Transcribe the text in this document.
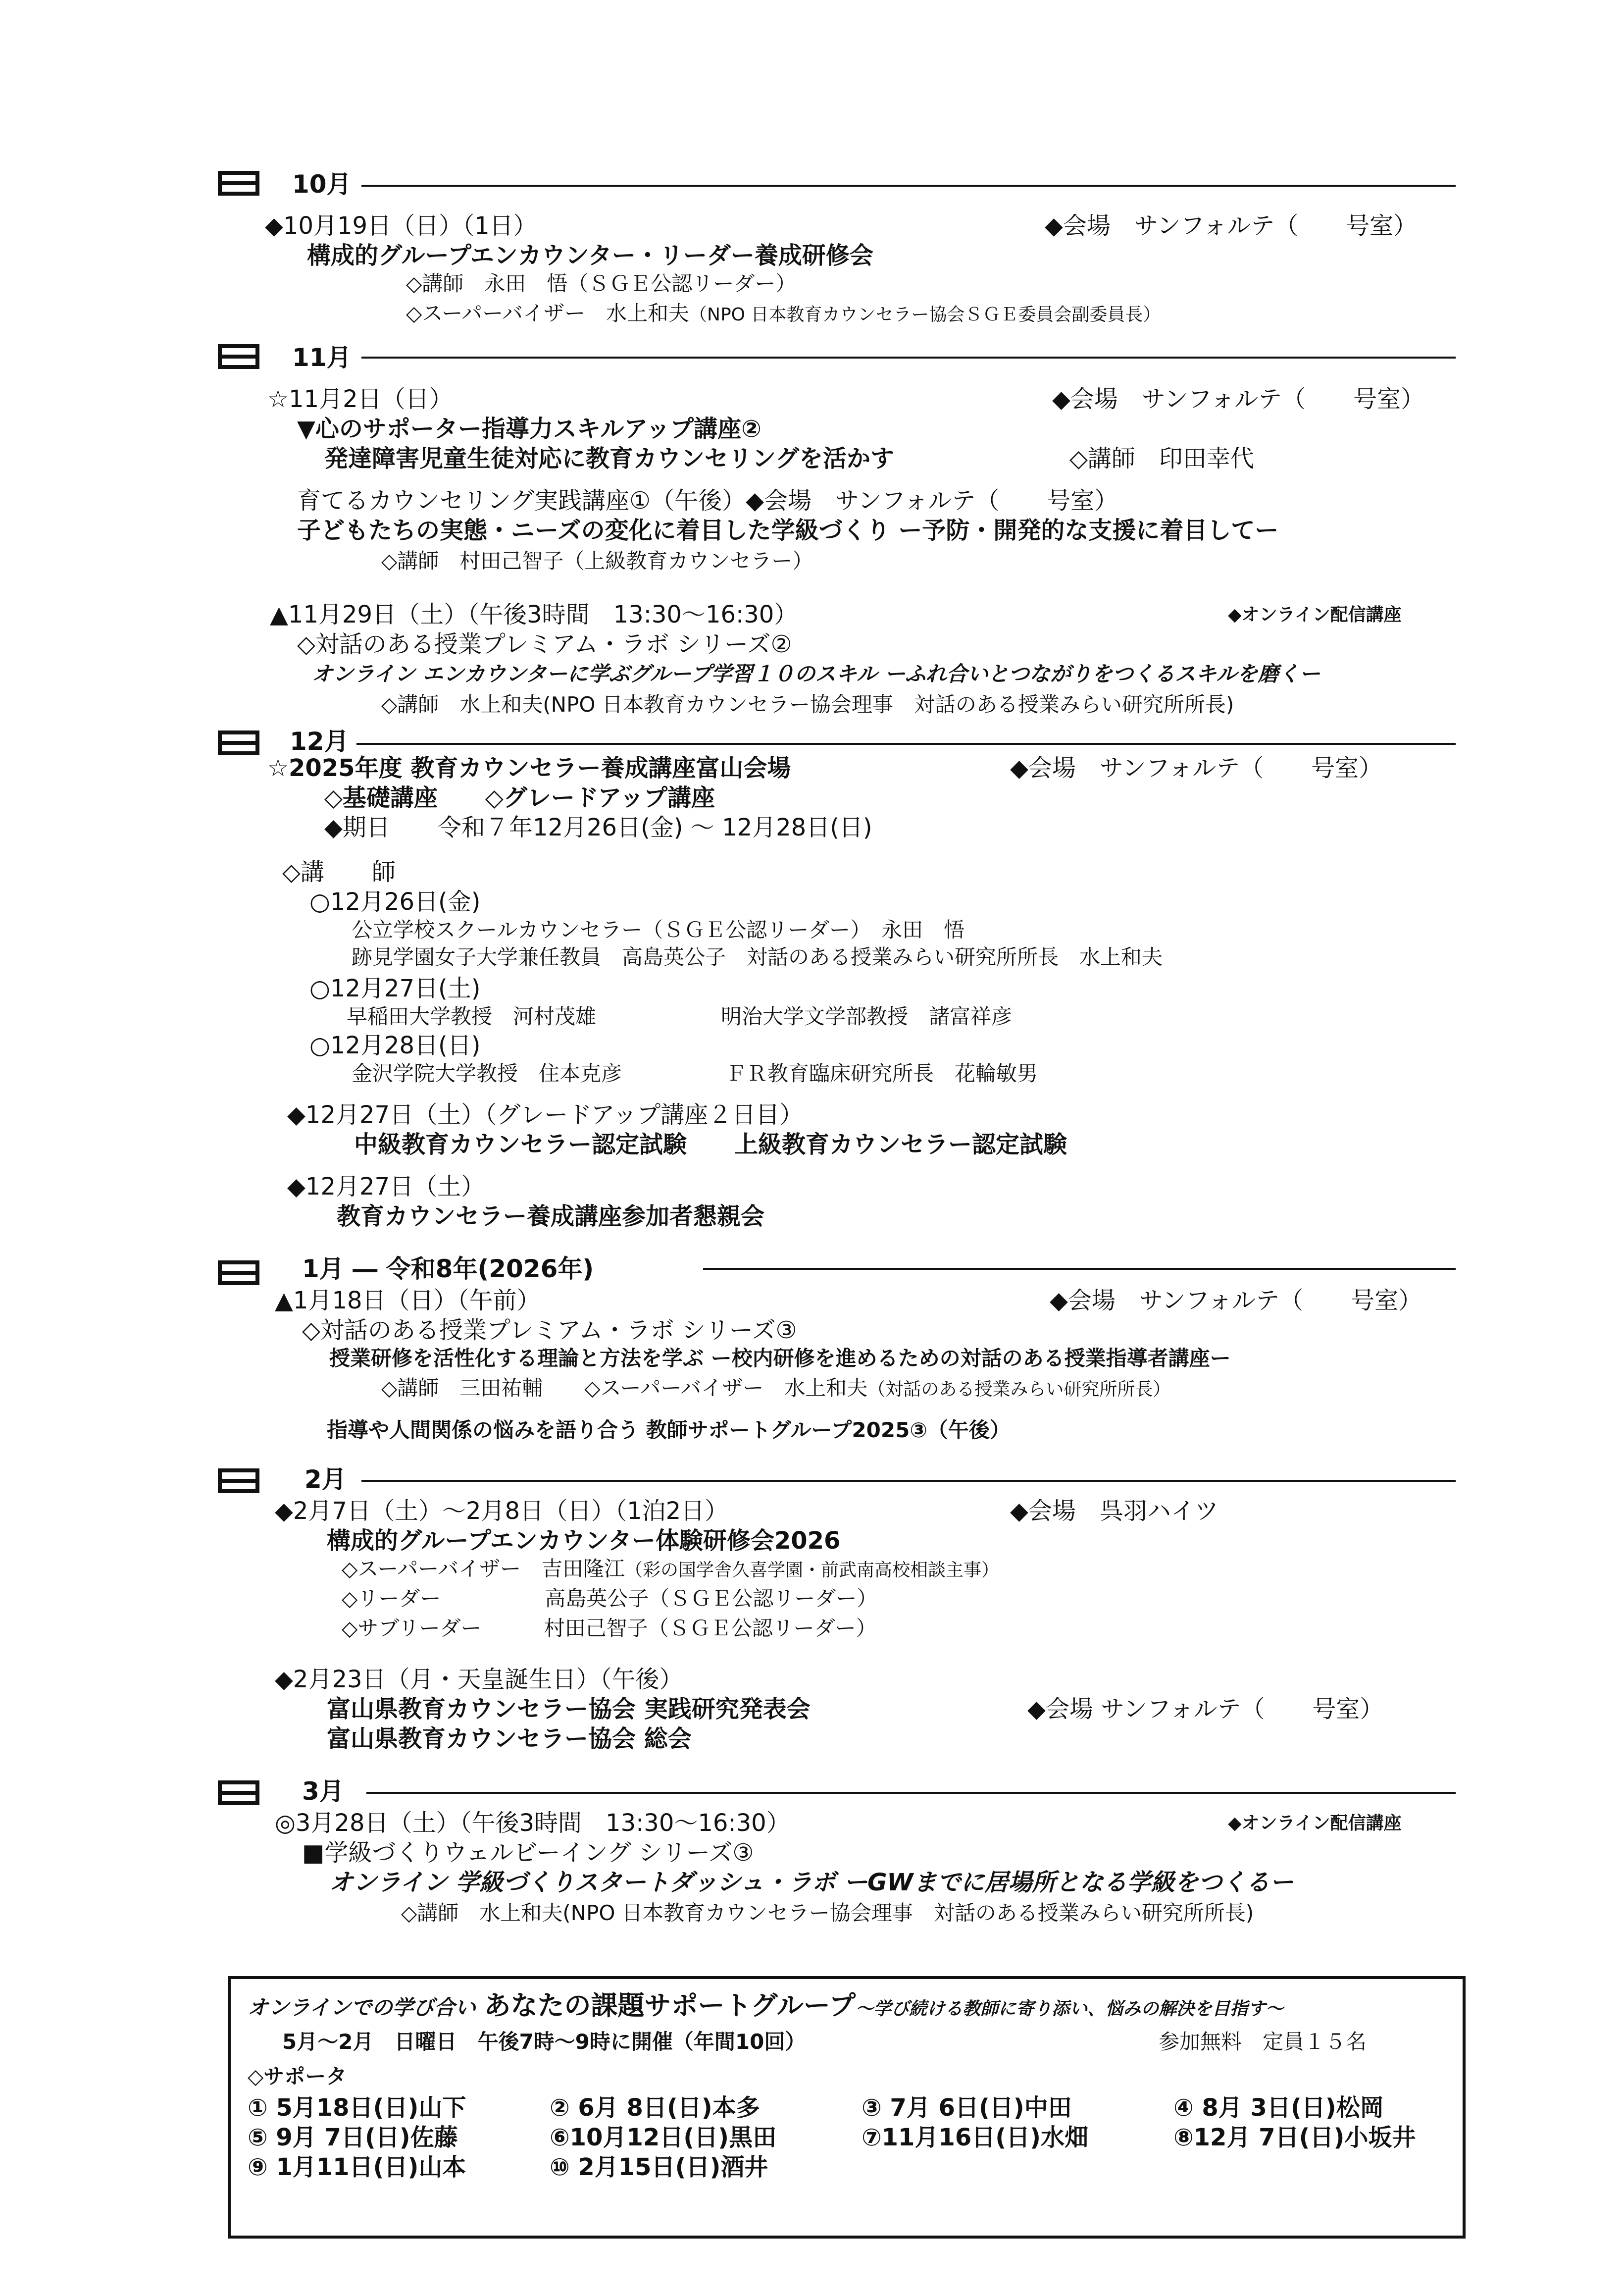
10月
◆10月19日（日）（1日）	◆会場　サンフォルテ（　　号室）
構成的グループエンカウンター・リーダー養成研修会
◇講師　永田　悟（ＳＧＥ公認リーダー）
◇スーパーバイザー　水上和夫（NPO 日本教育カウンセラー協会ＳＧＥ委員会副委員長）
11月
☆11月2日（日）	◆会場　サンフォルテ（　　号室）
▼心のサポーター指導力スキルアップ講座②
発達障害児童生徒対応に教育カウンセリングを活かす	◇講師　印田幸代
育てるカウンセリング実践講座①（午後）◆会場　サンフォルテ（　　号室）
子どもたちの実態・ニーズの変化に着目した学級づくり ー予防・開発的な支援に着目してー
◇講師　村田己智子（上級教育カウンセラー）
▲11月29日（土）（午後3時間　13:30〜16:30）	◆オンライン配信講座
◇対話のある授業プレミアム・ラボ シリーズ②
オンライン エンカウンターに学ぶグループ学習１０のスキル ーふれ合いとつながりをつくるスキルを磨くー
◇講師　水上和夫(NPO 日本教育カウンセラー協会理事　対話のある授業みらい研究所所長)
12月
☆2025年度 教育カウンセラー養成講座富山会場	◆会場　サンフォルテ（　　号室）
◇基礎講座　　◇グレードアップ講座
◆期日　　令和７年12月26日(金) 〜 12月28日(日)
◇講　　師
○12月26日(金)
公立学校スクールカウンセラー（ＳＧＥ公認リーダー）　永田　悟
跡見学園女子大学兼任教員　高島英公子　対話のある授業みらい研究所所長　水上和夫
○12月27日(土)
早稲田大学教授　河村茂雄　　　　　　明治大学文学部教授　諸富祥彦
○12月28日(日)
金沢学院大学教授　住本克彦　　　　　ＦＲ教育臨床研究所長　花輪敏男
◆12月27日（土）（グレードアップ講座２日目）
中級教育カウンセラー認定試験　　上級教育カウンセラー認定試験
◆12月27日（土）
教育カウンセラー養成講座参加者懇親会
1月 ― 令和8年(2026年)
▲1月18日（日）（午前）	◆会場　サンフォルテ（　　号室）
◇対話のある授業プレミアム・ラボ シリーズ③
授業研修を活性化する理論と方法を学ぶ ー校内研修を進めるための対話のある授業指導者講座ー
◇講師　三田祐輔　　◇スーパーバイザー　水上和夫（対話のある授業みらい研究所所長）
指導や人間関係の悩みを語り合う 教師サポートグループ2025③（午後）
2月
◆2月7日（土）〜2月8日（日）（1泊2日）	◆会場　呉羽ハイツ
構成的グループエンカウンター体験研修会2026
◇スーパーバイザー　吉田隆江（彩の国学舎久喜学園・前武南高校相談主事）
◇リーダー　　　　　高島英公子（ＳＧＥ公認リーダー）
◇サブリーダー　　　村田己智子（ＳＧＥ公認リーダー）
◆2月23日（月・天皇誕生日）（午後）
富山県教育カウンセラー協会 実践研究発表会	◆会場 サンフォルテ（　　号室）
富山県教育カウンセラー協会 総会
3月
◎3月28日（土）（午後3時間　13:30〜16:30）	◆オンライン配信講座
■学級づくりウェルビーイング シリーズ③
オンライン 学級づくりスタートダッシュ・ラボ ーGWまでに居場所となる学級をつくるー
◇講師　水上和夫(NPO 日本教育カウンセラー協会理事　対話のある授業みらい研究所所長)
オンラインでの学び合い あなたの課題サポートグループ〜学び続ける教師に寄り添い、悩みの解決を目指す〜
5月〜2月　日曜日　午後7時〜9時に開催（年間10回）	参加無料　定員１５名
◇サポータ
① 5月18日(日)山下	② 6月 8日(日)本多	③ 7月 6日(日)中田	④ 8月 3日(日)松岡
⑤ 9月 7日(日)佐藤	⑥10月12日(日)黒田	⑦11月16日(日)水畑	⑧12月 7日(日)小坂井
⑨ 1月11日(日)山本	⑩ 2月15日(日)酒井
